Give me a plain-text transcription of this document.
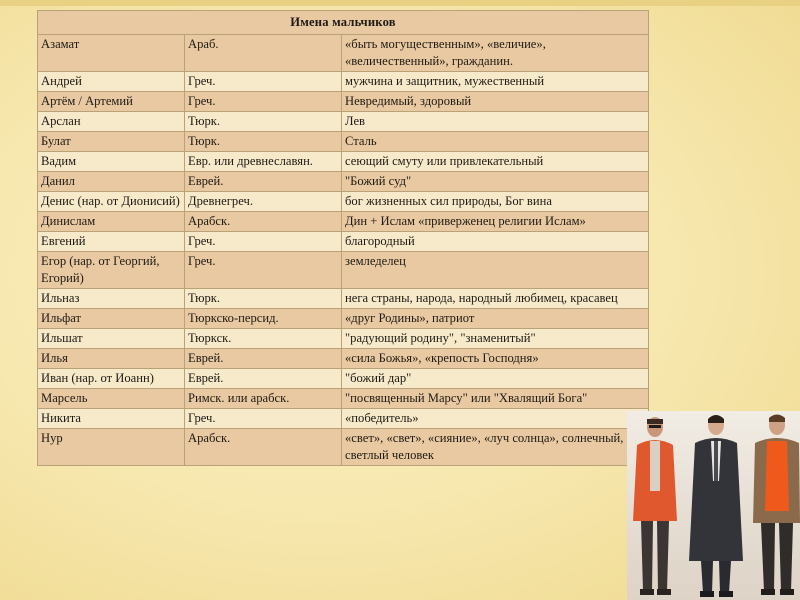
Имена мальчиков		
Азамат	Араб.	«быть могущественным», «величие», «величественный», гражданин.
Андрей	Греч.	мужчина и защитник, мужественный
Артём / Артемий	Греч.	Невредимый, здоровый
Арслан	Тюрк.	Лев
Булат	Тюрк.	Сталь
Вадим	Евр. или древнеславян.	сеющий смуту или привлекательный
Данил	Еврей.	"Божий суд"
Денис (нар. от Дионисий)	Древнегреч.	бог жизненных сил природы, Бог вина
Динислам	Арабск.	Дин + Ислам «приверженец религии Ислам»
Евгений	Греч.	благородный
Егор (нар. от Георгий, Егорий)	Греч.	земледелец
Ильназ	Тюрк.	нега страны, народа, народный любимец, красавец
Ильфат	Тюркско-персид.	«друг Родины», патриот
Ильшат	Тюркск.	"радующий родину", "знаменитый"
Илья	Еврей.	«сила Божья», «крепость Господня»
Иван (нар. от Иоанн)	Еврей.	"божий дар"
Марсель	Римск. или арабск.	"посвященный Марсу" или "Хвалящий Бога"
Никита	Греч.	«победитель»
Нур	Арабск.	«свет», «свет», «сияние», «луч солнца», солнечный, светлый человек
